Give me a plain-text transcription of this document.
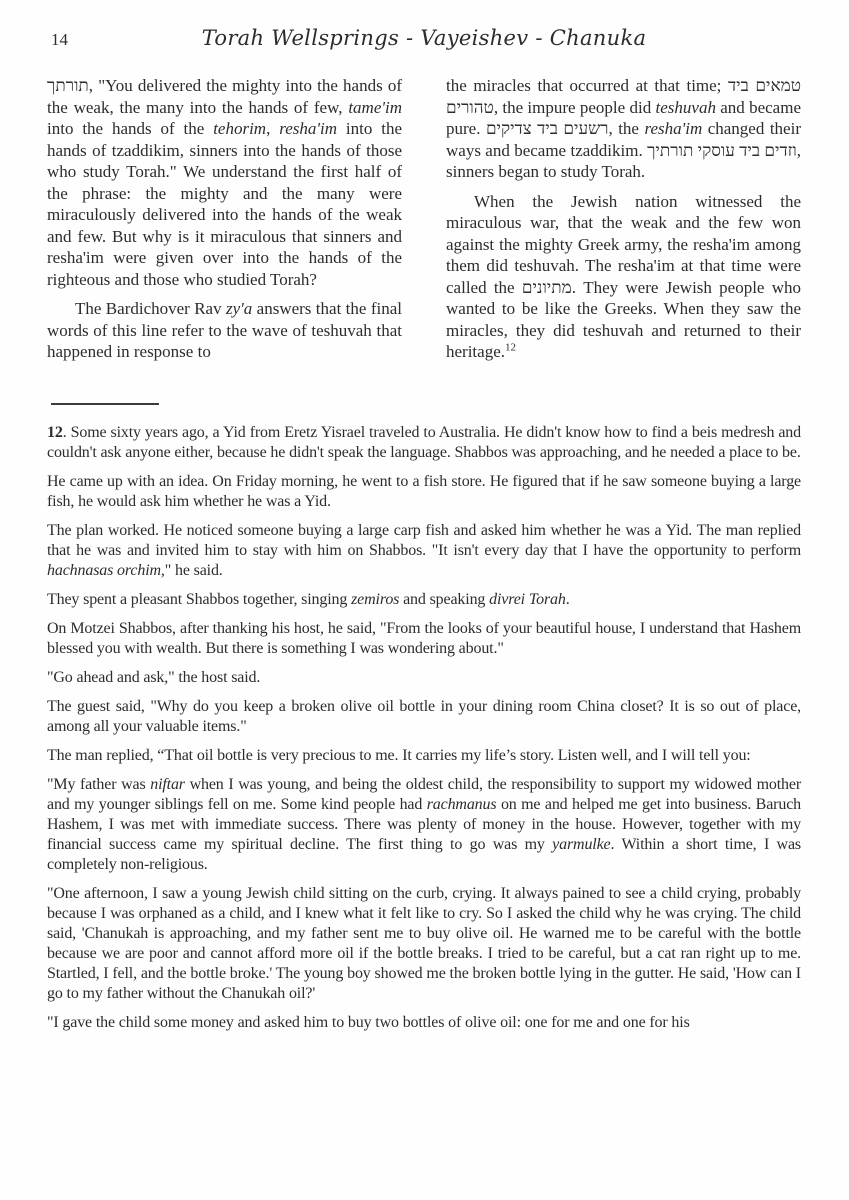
14	Torah Wellsprings - Vayeishev - Chanuka

תורתך, "You delivered the mighty into the hands of the weak, the many into the hands of few, tame'im into the hands of the tehorim, resha'im into the hands of tzaddikim, sinners into the hands of those who study Torah." We understand the first half of the phrase: the mighty and the many were miraculously delivered into the hands of the weak and few. But why is it miraculous that sinners and resha'im were given over into the hands of the righteous and those who studied Torah?

The Bardichover Rav zy'a answers that the final words of this line refer to the wave of teshuvah that happened in response to

the miracles that occurred at that time; טמאים ביד טהורים, the impure people did teshuvah and became pure. רשעים ביד צדיקים, the resha'im changed their ways and became tzaddikim. וזדים ביד עוסקי תורתיך, sinners began to study Torah.

When the Jewish nation witnessed the miraculous war, that the weak and the few won against the mighty Greek army, the resha'im among them did teshuvah. The resha'im at that time were called the מתיונים. They were Jewish people who wanted to be like the Greeks. When they saw the miracles, they did teshuvah and returned to their heritage.$^{12}$

12. Some sixty years ago, a Yid from Eretz Yisrael traveled to Australia. He didn't know how to find a beis medresh and couldn't ask anyone either, because he didn't speak the language. Shabbos was approaching, and he needed a place to be.

He came up with an idea. On Friday morning, he went to a fish store. He figured that if he saw someone buying a large fish, he would ask him whether he was a Yid.

The plan worked. He noticed someone buying a large carp fish and asked him whether he was a Yid. The man replied that he was and invited him to stay with him on Shabbos. "It isn't every day that I have the opportunity to perform hachnasas orchim," he said.

They spent a pleasant Shabbos together, singing zemiros and speaking divrei Torah.

On Motzei Shabbos, after thanking his host, he said, "From the looks of your beautiful house, I understand that Hashem blessed you with wealth. But there is something I was wondering about."

"Go ahead and ask," the host said.

The guest said, "Why do you keep a broken olive oil bottle in your dining room China closet? It is so out of place, among all your valuable items."

The man replied, “That oil bottle is very precious to me. It carries my life’s story. Listen well, and I will tell you:

"My father was niftar when I was young, and being the oldest child, the responsibility to support my widowed mother and my younger siblings fell on me. Some kind people had rachmanus on me and helped me get into business. Baruch Hashem, I was met with immediate success. There was plenty of money in the house. However, together with my financial success came my spiritual decline. The first thing to go was my yarmulke. Within a short time, I was completely non-religious.

"One afternoon, I saw a young Jewish child sitting on the curb, crying. It always pained to see a child crying, probably because I was orphaned as a child, and I knew what it felt like to cry. So I asked the child why he was crying. The child said, 'Chanukah is approaching, and my father sent me to buy olive oil. He warned me to be careful with the bottle because we are poor and cannot afford more oil if the bottle breaks. I tried to be careful, but a cat ran right up to me. Startled, I fell, and the bottle broke.' The young boy showed me the broken bottle lying in the gutter. He said, 'How can I go to my father without the Chanukah oil?'

"I gave the child some money and asked him to buy two bottles of olive oil: one for me and one for his
